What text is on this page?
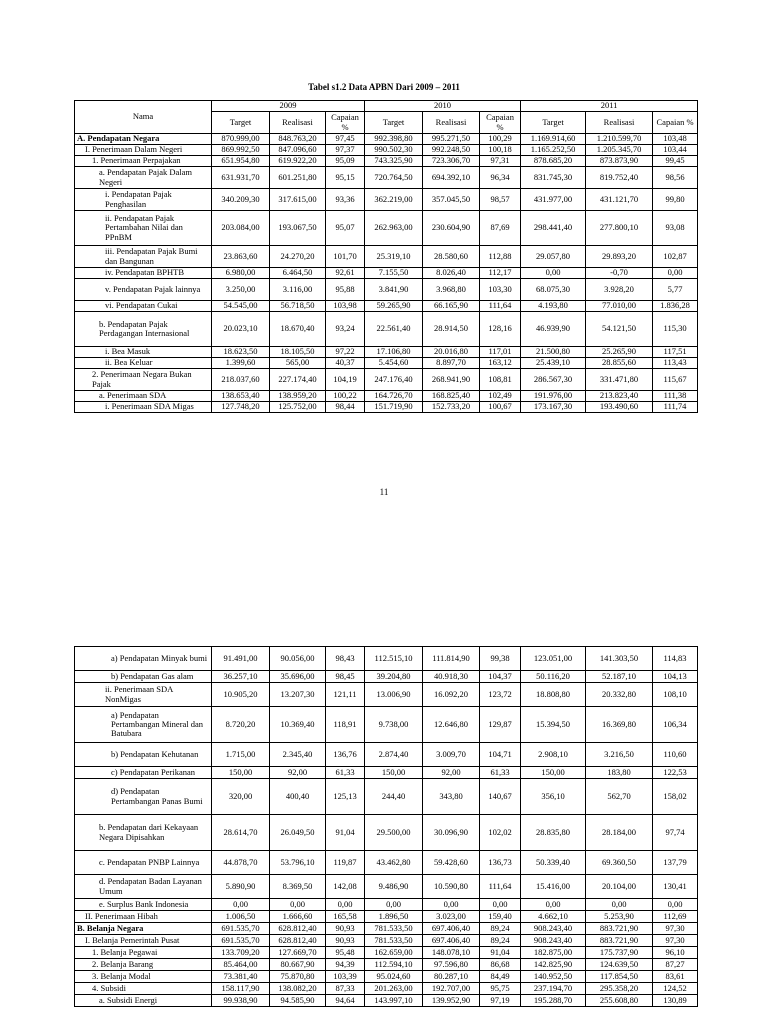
Tabel s1.2 Data APBN Dari 2009 – 2011
Nama	2009			2010			2011		
	Target	Realisasi	Capaian %	Target	Realisasi	Capaian %	Target	Realisasi	Capaian %
A. Pendapatan Negara	870.999,00	848.763,20	97,45	992.398,80	995.271,50	100,29	1.169.914,60	1.210.599,70	103,48
I. Penerimaan Dalam Negeri	869.992,50	847.096,60	97,37	990.502,30	992.248,50	100,18	1.165.252,50	1.205.345,70	103,44
1. Penerimaan Perpajakan	651.954,80	619.922,20	95,09	743.325,90	723.306,70	97,31	878.685,20	873.873,90	99,45
a. Pendapatan Pajak Dalam Negeri	631.931,70	601.251,80	95,15	720.764,50	694.392,10	96,34	831.745,30	819.752,40	98,56
i. Pendapatan Pajak Penghasilan	340.209,30	317.615,00	93,36	362.219,00	357.045,50	98,57	431.977,00	431.121,70	99,80
ii. Pendapatan Pajak Pertambahan Nilai dan PPnBM	203.084,00	193.067,50	95,07	262.963,00	230.604,90	87,69	298.441,40	277.800,10	93,08
iii. Pendapatan Pajak Bumi dan Bangunan	23.863,60	24.270,20	101,70	25.319,10	28.580,60	112,88	29.057,80	29.893,20	102,87
iv. Pendapatan BPHTB	6.980,00	6.464,50	92,61	7.155,50	8.026,40	112,17	0,00	-0,70	0,00
v. Pendapatan Pajak lainnya	3.250,00	3.116,00	95,88	3.841,90	3.968,80	103,30	68.075,30	3.928,20	5,77
vi. Pendapatan Cukai	54.545,00	56.718,50	103,98	59.265,90	66.165,90	111,64	4.193,80	77.010,00	1.836,28
b. Pendapatan Pajak Perdagangan Internasional	20.023,10	18.670,40	93,24	22.561,40	28.914,50	128,16	46.939,90	54.121,50	115,30
i. Bea Masuk	18.623,50	18.105,50	97,22	17.106,80	20.016,80	117,01	21.500,80	25.265,90	117,51
ii. Bea Keluar	1.399,60	565,00	40,37	5.454,60	8.897,70	163,12	25.439,10	28.855,60	113,43
2. Penerimaan Negara Bukan Pajak	218.037,60	227.174,40	104,19	247.176,40	268.941,90	108,81	286.567,30	331.471,80	115,67
a. Penerimaan SDA	138.653,40	138.959,20	100,22	164.726,70	168.825,40	102,49	191.976,00	213.823,40	111,38
i. Penerimaan SDA Migas	127.748,20	125.752,00	98,44	151.719,90	152.733,20	100,67	173.167,30	193.490,60	111,74
11
a) Pendapatan Minyak bumi	91.491,00	90.056,00	98,43	112.515,10	111.814,90	99,38	123.051,00	141.303,50	114,83
b) Pendapatan Gas alam	36.257,10	35.696,00	98,45	39.204,80	40.918,30	104,37	50.116,20	52.187,10	104,13
ii. Penerimaan SDA NonMigas	10.905,20	13.207,30	121,11	13.006,90	16.092,20	123,72	18.808,80	20.332,80	108,10
a) Pendapatan Pertambangan Mineral dan Batubara	8.720,20	10.369,40	118,91	9.738,00	12.646,80	129,87	15.394,50	16.369,80	106,34
b) Pendapatan Kehutanan	1.715,00	2.345,40	136,76	2.874,40	3.009,70	104,71	2.908,10	3.216,50	110,60
c) Pendapatan Perikanan	150,00	92,00	61,33	150,00	92,00	61,33	150,00	183,80	122,53
d) Pendapatan Pertambangan Panas Bumi	320,00	400,40	125,13	244,40	343,80	140,67	356,10	562,70	158,02
b. Pendapatan dari Kekayaan Negara Dipisahkan	28.614,70	26.049,50	91,04	29.500,00	30.096,90	102,02	28.835,80	28.184,00	97,74
c. Pendapatan PNBP Lainnya	44.878,70	53.796,10	119,87	43.462,80	59.428,60	136,73	50.339,40	69.360,50	137,79
d. Pendapatan Badan Layanan Umum	5.890,90	8.369,50	142,08	9.486,90	10.590,80	111,64	15.416,00	20.104,00	130,41
e. Surplus Bank Indonesia	0,00	0,00	0,00	0,00	0,00	0,00	0,00	0,00	0,00
II. Penerimaan Hibah	1.006,50	1.666,60	165,58	1.896,50	3.023,00	159,40	4.662,10	5.253,90	112,69
B. Belanja Negara	691.535,70	628.812,40	90,93	781.533,50	697.406,40	89,24	908.243,40	883.721,90	97,30
I. Belanja Pemerintah Pusat	691.535,70	628.812,40	90,93	781.533,50	697.406,40	89,24	908.243,40	883.721,90	97,30
1. Belanja Pegawai	133.709,20	127.669,70	95,48	162.659,00	148.078,10	91,04	182.875,00	175.737,90	96,10
2. Belanja Barang	85.464,00	80.667,90	94,39	112.594,10	97.596,80	86,68	142.825,90	124.639,50	87,27
3. Belanja Modal	73.381,40	75.870,80	103,39	95.024,60	80.287,10	84,49	140.952,50	117.854,50	83,61
4. Subsidi	158.117,90	138.082,20	87,33	201.263,00	192.707,00	95,75	237.194,70	295.358,20	124,52
a. Subsidi Energi	99.938,90	94.585,90	94,64	143.997,10	139.952,90	97,19	195.288,70	255.608,80	130,89
